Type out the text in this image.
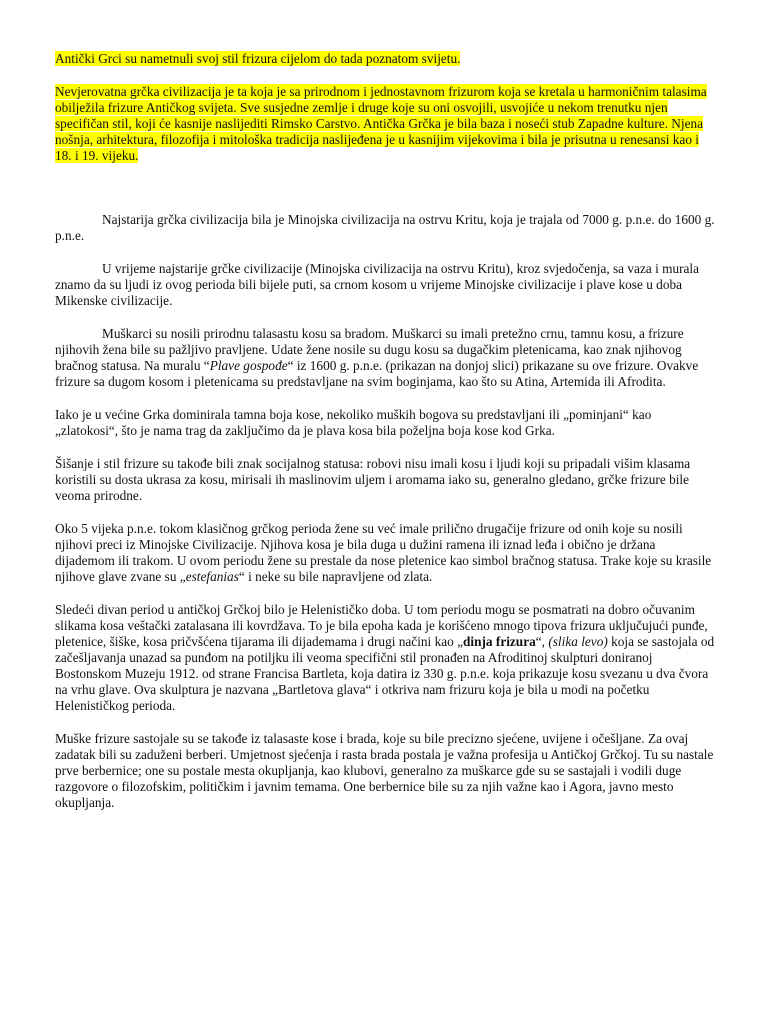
Antički Grci su nametnuli svoj stil frizura cijelom do tada poznatom svijetu.

Nevjerovatna grčka civilizacija je ta koja je sa prirodnom i jednostavnom frizurom koja se kretala u harmoničnim talasima obilježila frizure Antičkog svijeta. Sve susjedne zemlje i druge koje su oni osvojili, usvojiće u nekom trenutku njen specifičan stil, koji će kasnije naslijediti Rimsko Carstvo. Antička Grčka je bila baza i noseći stub Zapadne kulture. Njena nošnja, arhitektura, filozofija i mitološka tradicija naslijeđena je u kasnijim vijekovima i bila je prisutna u renesansi kao i 18. i 19. vijeku.

Najstarija grčka civilizacija bila je Minojska civilizacija na ostrvu Kritu, koja je trajala od 7000 g. p.n.e. do 1600 g. p.n.e.

U vrijeme najstarije grčke civilizacije (Minojska civilizacija na ostrvu Kritu), kroz svjedočenja, sa vaza i murala znamo da su ljudi iz ovog perioda bili bijele puti, sa crnom kosom u vrijeme Minojske civilizacije i plave kose u doba Mikenske civilizacije.

Muškarci su nosili prirodnu talasastu kosu sa bradom. Muškarci su imali pretežno crnu, tamnu kosu, a frizure njihovih žena bile su pažljivo pravljene. Udate žene nosile su dugu kosu sa dugačkim pletenicama, kao znak njihovog bračnog statusa. Na muralu “Plave gospođe“ iz 1600 g. p.n.e. (prikazan na donjoj slici) prikazane su ove frizure. Ovakve frizure sa dugom kosom i pletenicama su predstavljane na svim boginjama, kao što su Atina, Artemida ili Afrodita.

Iako je u većine Grka dominirala tamna boja kose, nekoliko muških bogova su predstavljani ili „pominjani“ kao „zlatokosi“, što je nama trag da zaključimo da je plava kosa bila poželjna boja kose kod Grka.

Šišanje i stil frizure su takođe bili znak socijalnog statusa: robovi nisu imali kosu i ljudi koji su pripadali višim klasama koristili su dosta ukrasa za kosu, mirisali ih maslinovim uljem i aromama iako su, generalno gledano, grčke frizure bile veoma prirodne.

Oko 5 vijeka p.n.e. tokom klasičnog grčkog perioda žene su već imale prilično drugačije frizure od onih koje su nosili njihovi preci iz Minojske Civilizacije. Njihova kosa je bila duga u dužini ramena ili iznad leđa i obično je držana dijademom ili trakom. U ovom periodu žene su prestale da nose pletenice kao simbol bračnog statusa. Trake koje su krasile njihove glave zvane su „estefanias“ i neke su bile napravljene od zlata.

Sledeći divan period u antičkoj Grčkoj bilo je Helenističko doba. U tom periodu mogu se posmatrati na dobro očuvanim slikama kosa veštački zatalasana ili kovrdžava. To je bila epoha kada je korišćeno mnogo tipova frizura uključujući punđe, pletenice, šiške, kosa pričvšćena tijarama ili dijademama i drugi načini kao „dinja frizura“, (slika levo) koja se sastojala od začešljavanja unazad sa punđom na potiljku ili veoma specifični stil pronađen na Afroditinoj skulpturi doniranoj Bostonskom Muzeju 1912. od strane Francisa Bartleta, koja datira iz 330 g. p.n.e. koja prikazuje kosu svezanu u dva čvora na vrhu glave. Ova skulptura je nazvana „Bartletova glava“ i otkriva nam frizuru koja je bila u modi na početku Helenističkog perioda.

Muške frizure sastojale su se takođe iz talasaste kose i brada, koje su bile precizno sjećene, uvijene i očešljane. Za ovaj zadatak bili su zaduženi berberi. Umjetnost sjećenja i rasta brada postala je važna profesija u Antičkoj Grčkoj. Tu su nastale prve berbernice; one su postale mesta okupljanja, kao klubovi, generalno za muškarce gde su se sastajali i vodili duge razgovore o filozofskim, političkim i javnim temama. One berbernice bile su za njih važne kao i Agora, javno mesto okupljanja.
